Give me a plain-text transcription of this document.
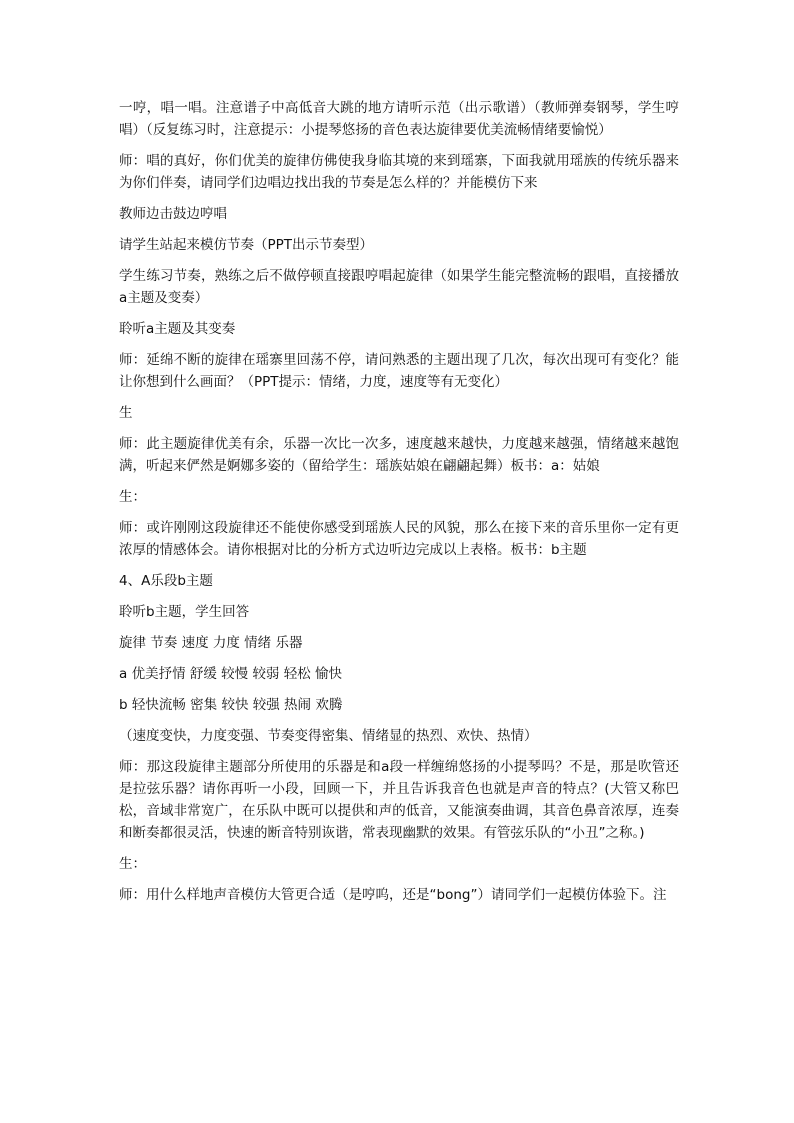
一哼，唱一唱。注意谱子中高低音大跳的地方请听示范（出示歌谱）（教师弹奏钢琴，学生哼唱）（反复练习时，注意提示：小提琴悠扬的音色表达旋律要优美流畅情绪要愉悦）

师：唱的真好，你们优美的旋律仿佛使我身临其境的来到瑶寨，下面我就用瑶族的传统乐器来为你们伴奏，请同学们边唱边找出我的节奏是怎么样的？并能模仿下来

教师边击鼓边哼唱

请学生站起来模仿节奏（PPT出示节奏型）

学生练习节奏，熟练之后不做停顿直接跟哼唱起旋律（如果学生能完整流畅的跟唱，直接播放a主题及变奏）

聆听a主题及其变奏

师：延绵不断的旋律在瑶寨里回荡不停，请问熟悉的主题出现了几次，每次出现可有变化？能让你想到什么画面？（PPT提示：情绪，力度，速度等有无变化）

生

师：此主题旋律优美有余，乐器一次比一次多，速度越来越快，力度越来越强，情绪越来越饱满，听起来俨然是婀娜多姿的（留给学生：瑶族姑娘在翩翩起舞）板书：a：姑娘

生：

师：或许刚刚这段旋律还不能使你感受到瑶族人民的风貌，那么在接下来的音乐里你一定有更浓厚的情感体会。请你根据对比的分析方式边听边完成以上表格。板书：b主题

4、A乐段b主题

聆听b主题，学生回答

旋律 节奏 速度 力度 情绪 乐器

a 优美抒情 舒缓 较慢 较弱 轻松 愉快

b 轻快流畅 密集 较快 较强 热闹 欢腾

（速度变快，力度变强、节奏变得密集、情绪显的热烈、欢快、热情）

师：那这段旋律主题部分所使用的乐器是和a段一样缠绵悠扬的小提琴吗？不是，那是吹管还是拉弦乐器？请你再听一小段，回顾一下，并且告诉我音色也就是声音的特点？(大管又称巴松，音域非常宽广，在乐队中既可以提供和声的低音，又能演奏曲调，其音色鼻音浓厚，连奏和断奏都很灵活，快速的断音特别诙谐，常表现幽默的效果。有管弦乐队的“小丑”之称。)

生：

师：用什么样地声音模仿大管更合适（是哼呜，还是“bong”）请同学们一起模仿体验下。注
